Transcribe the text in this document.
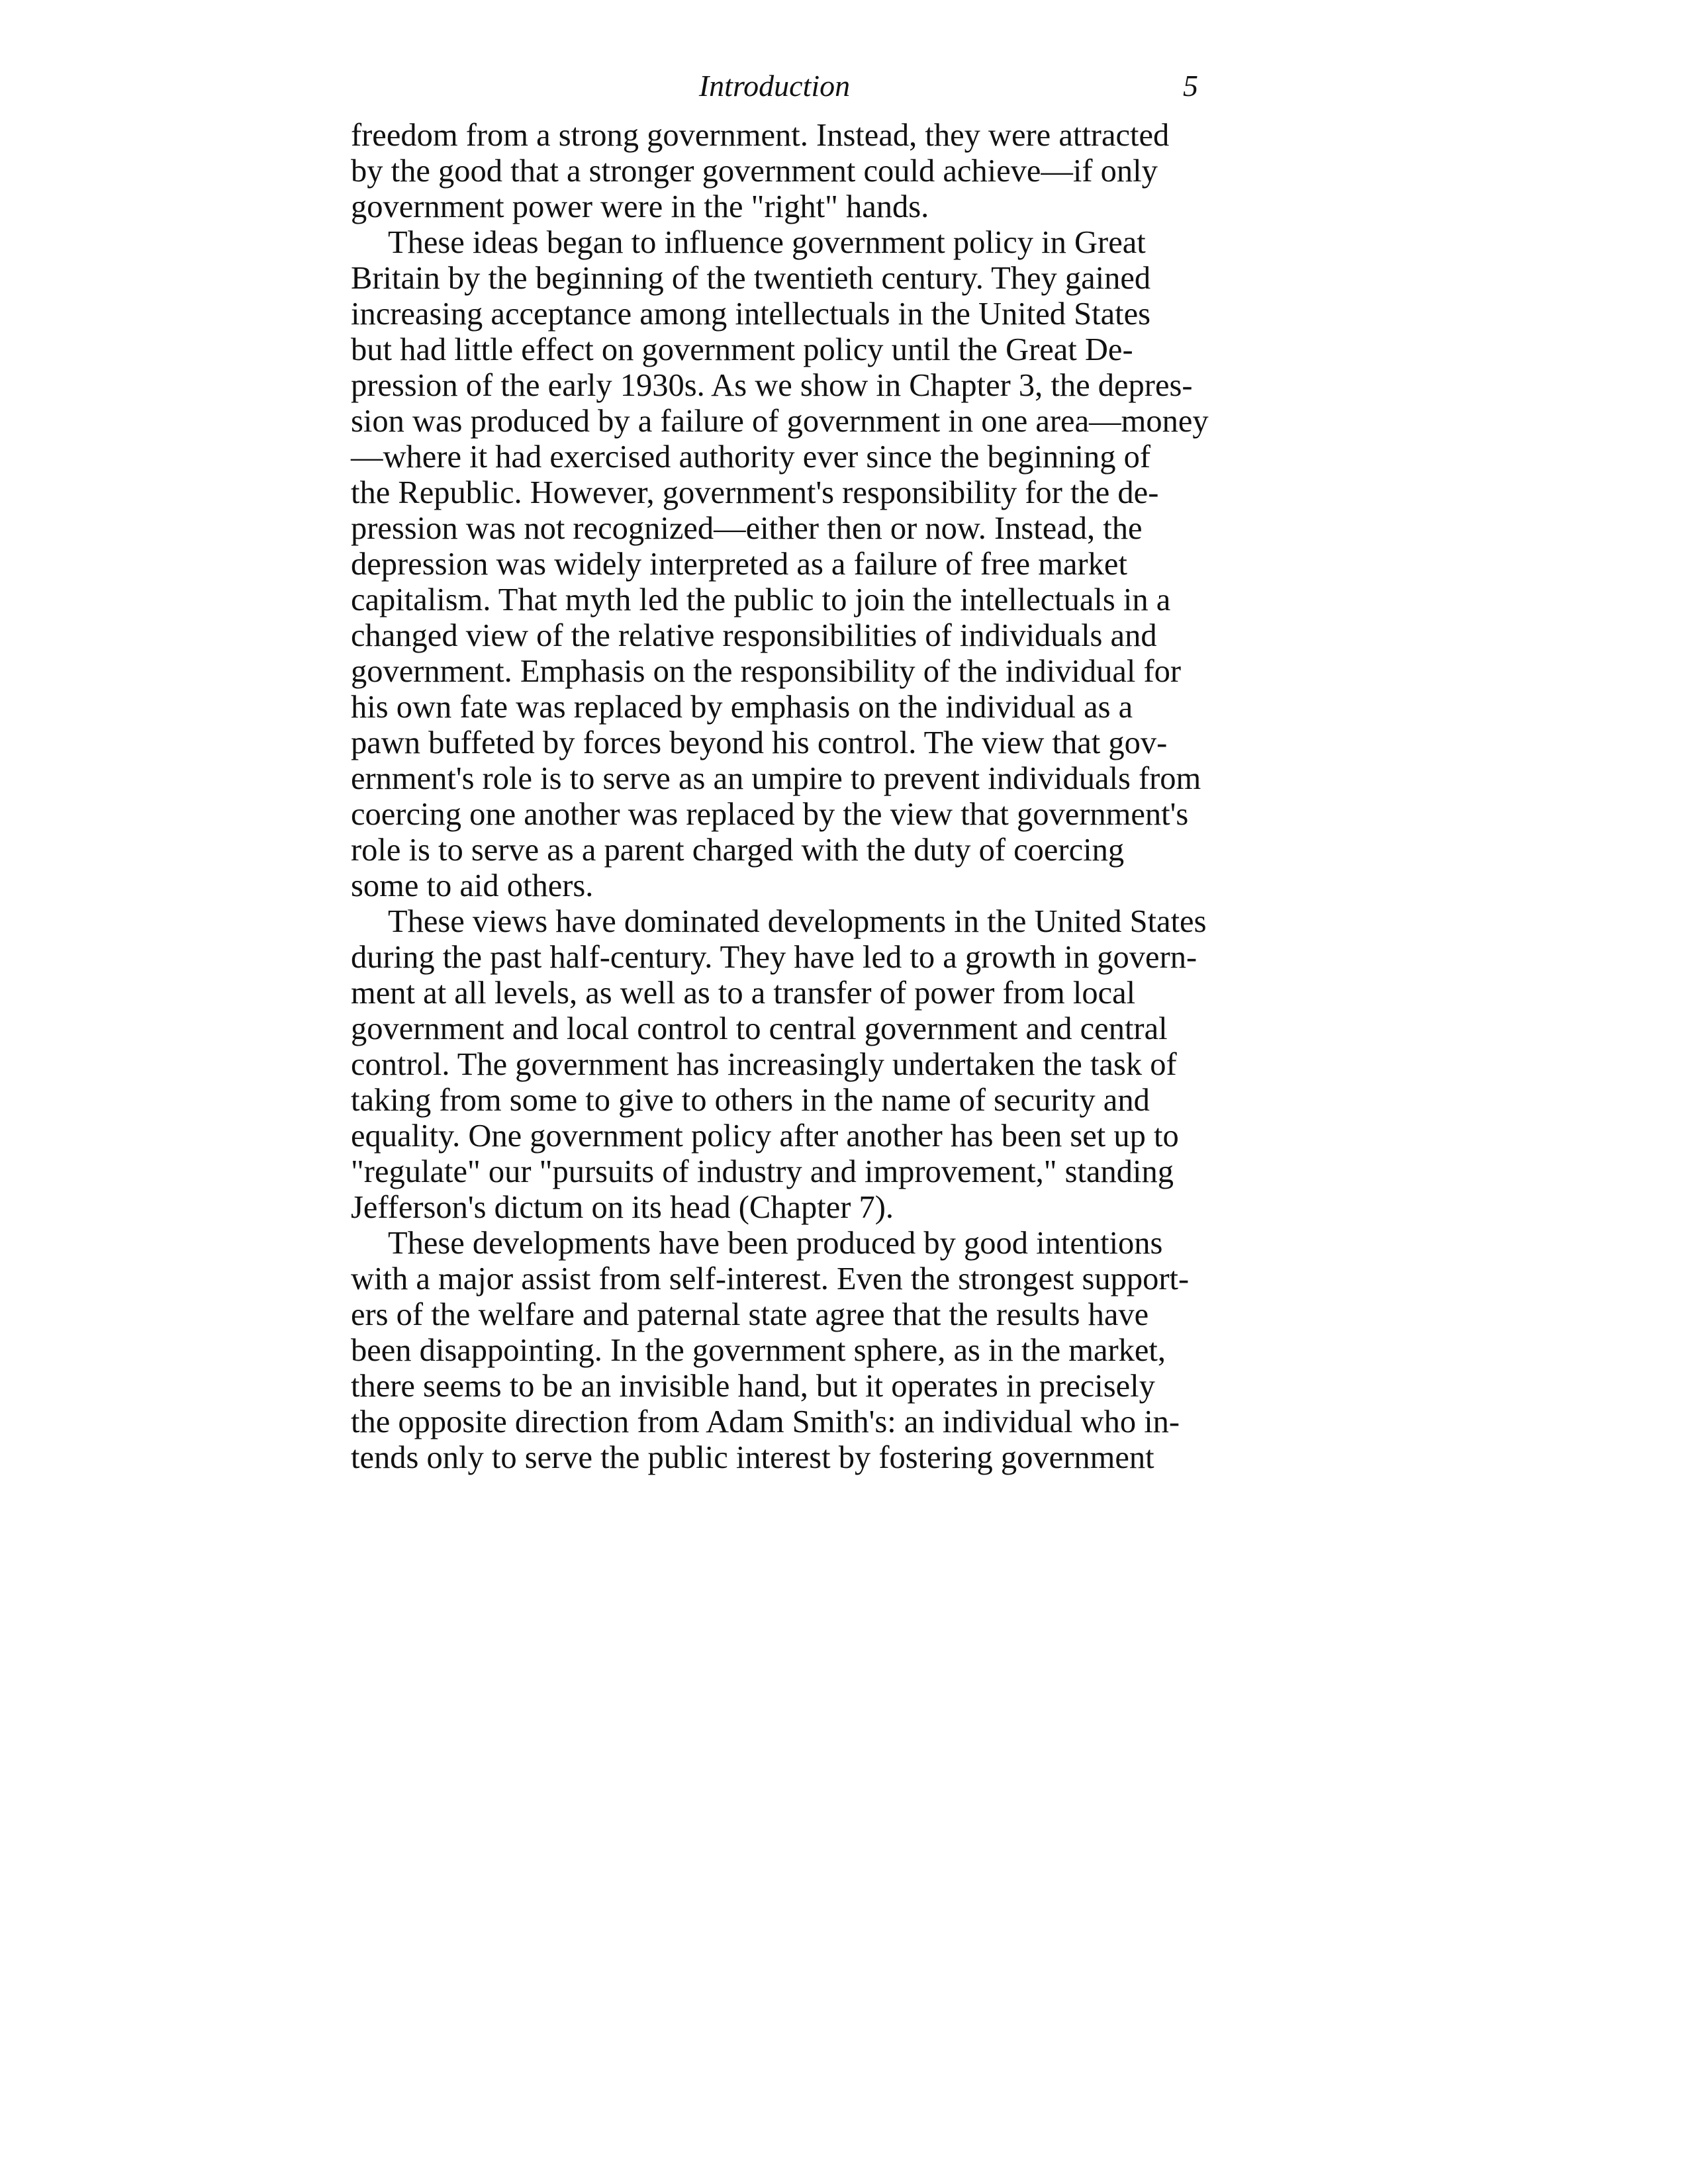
Introduction	5
freedom from a strong government. Instead, they were attracted
by the good that a stronger government could achieve—if only
government power were in the "right" hands.
These ideas began to influence government policy in Great
Britain by the beginning of the twentieth century. They gained
increasing acceptance among intellectuals in the United States
but had little effect on government policy until the Great De-
pression of the early 1930s. As we show in Chapter 3, the depres-
sion was produced by a failure of government in one area—money
—where it had exercised authority ever since the beginning of
the Republic. However, government's responsibility for the de-
pression was not recognized—either then or now. Instead, the
depression was widely interpreted as a failure of free market
capitalism. That myth led the public to join the intellectuals in a
changed view of the relative responsibilities of individuals and
government. Emphasis on the responsibility of the individual for
his own fate was replaced by emphasis on the individual as a
pawn buffeted by forces beyond his control. The view that gov-
ernment's role is to serve as an umpire to prevent individuals from
coercing one another was replaced by the view that government's
role is to serve as a parent charged with the duty of coercing
some to aid others.
These views have dominated developments in the United States
during the past half-century. They have led to a growth in govern-
ment at all levels, as well as to a transfer of power from local
government and local control to central government and central
control. The government has increasingly undertaken the task of
taking from some to give to others in the name of security and
equality. One government policy after another has been set up to
"regulate" our "pursuits of industry and improvement," standing
Jefferson's dictum on its head (Chapter 7).
These developments have been produced by good intentions
with a major assist from self-interest. Even the strongest support-
ers of the welfare and paternal state agree that the results have
been disappointing. In the government sphere, as in the market,
there seems to be an invisible hand, but it operates in precisely
the opposite direction from Adam Smith's: an individual who in-
tends only to serve the public interest by fostering government
